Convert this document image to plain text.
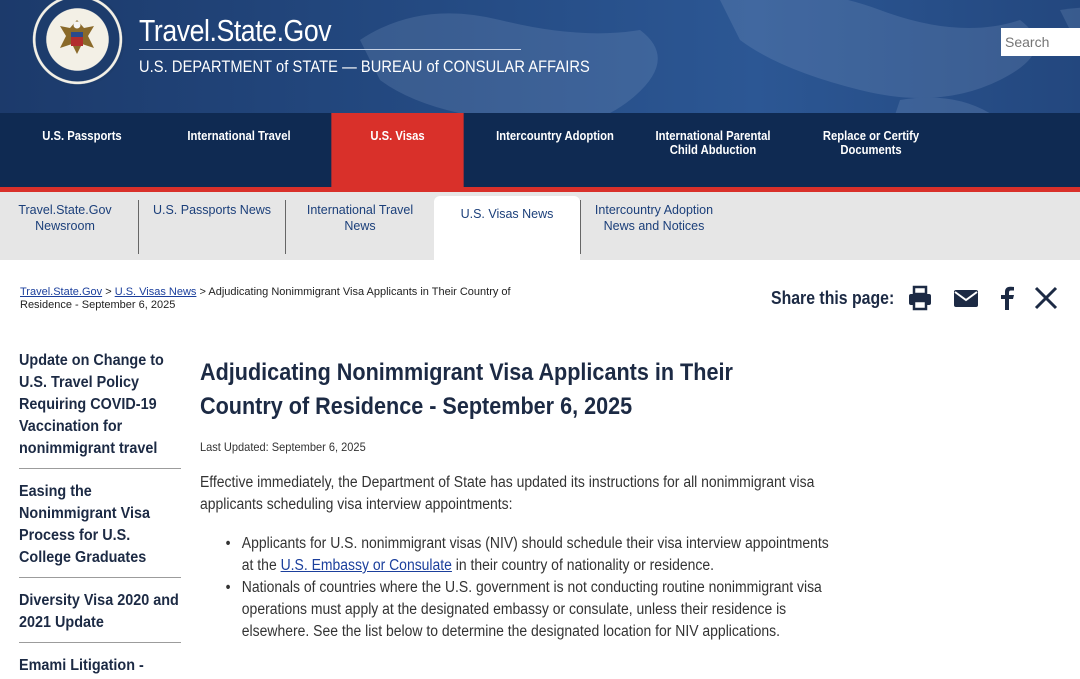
Travel.State.Gov
U.S. DEPARTMENT of STATE — BUREAU of CONSULAR AFFAIRS
Search
U.S. Passports	International Travel	U.S. Visas	Intercountry Adoption	International Parental Child Abduction
Replace or Certify Documents
Travel.State.Gov Newsroom
U.S. Passports News	International Travel News
U.S. Visas News	Intercountry Adoption News and Notices
Travel.State.Gov > U.S. Visas News > Adjudicating Nonimmigrant Visa Applicants in Their Country of Residence - September 6, 2025	Share this page:
Update on Change to U.S. Travel Policy Requiring COVID-19 Vaccination for nonimmigrant travel
Easing the Nonimmigrant Visa Process for U.S. College Graduates
Diversity Visa 2020 and 2021 Update
Emami Litigation -
Adjudicating Nonimmigrant Visa Applicants in Their Country of Residence - September 6, 2025
Last Updated: September 6, 2025

Effective immediately, the Department of State has updated its instructions for all nonimmigrant visa applicants scheduling visa interview appointments:

• Applicants for U.S. nonimmigrant visas (NIV) should schedule their visa interview appointments at the U.S. Embassy or Consulate in their country of nationality or residence.
• Nationals of countries where the U.S. government is not conducting routine nonimmigrant visa operations must apply at the designated embassy or consulate, unless their residence is elsewhere. See the list below to determine the designated location for NIV applications.
